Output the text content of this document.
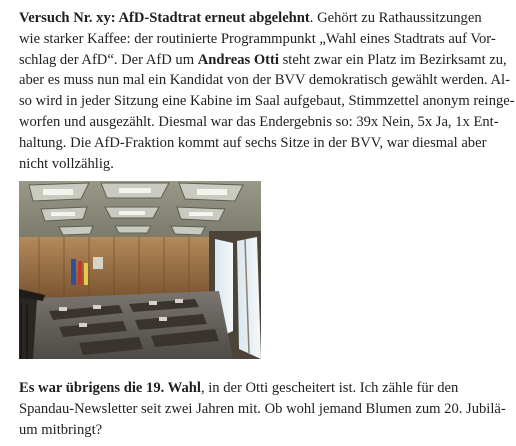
Versuch Nr. xy: AfD-Stadtrat erneut abgelehnt. Gehört zu Rathaussitzungen
wie starker Kaffee: der routinierte Programmpunkt „Wahl eines Stadtrats auf Vor-
schlag der AfD“. Der AfD um Andreas Otti steht zwar ein Platz im Bezirksamt zu,
aber es muss nun mal ein Kandidat von der BVV demokratisch gewählt werden. Al-
so wird in jeder Sitzung eine Kabine im Saal aufgebaut, Stimmzettel anonym reinge-
worfen und ausgezählt. Diesmal war das Endergebnis so: 39x Nein, 5x Ja, 1x Ent-
haltung. Die AfD-Fraktion kommt auf sechs Sitze in der BVV, war diesmal aber
nicht vollzählig.
Es war übrigens die 19. Wahl, in der Otti gescheitert ist. Ich zähle für den
Spandau-Newsletter seit zwei Jahren mit. Ob wohl jemand Blumen zum 20. Jubilä-
um mitbringt?
